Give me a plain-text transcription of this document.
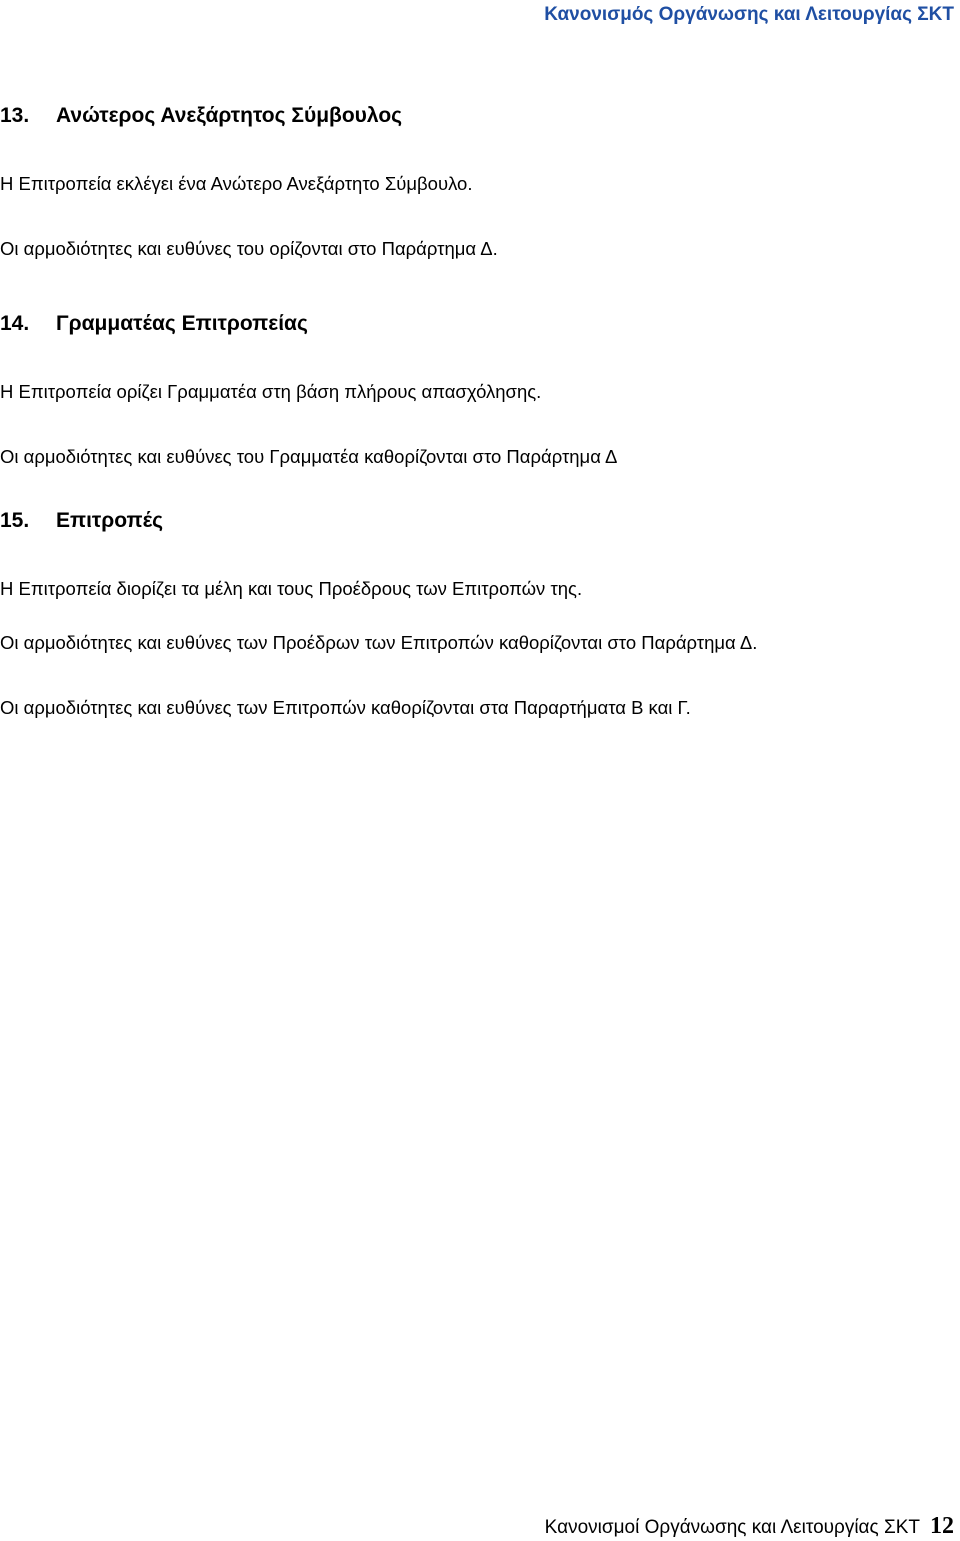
Κανονισμός Οργάνωσης και Λειτουργίας ΣΚΤ
13. Ανώτερος Ανεξάρτητος Σύμβουλος
Η Επιτροπεία εκλέγει ένα Ανώτερο Ανεξάρτητο Σύμβουλο.
Οι αρμοδιότητες και ευθύνες του ορίζονται στο Παράρτημα Δ.
14. Γραμματέας Επιτροπείας
Η Επιτροπεία ορίζει Γραμματέα στη βάση πλήρους απασχόλησης.
Οι αρμοδιότητες και ευθύνες του Γραμματέα καθορίζονται στο Παράρτημα Δ
15. Επιτροπές
Η Επιτροπεία διορίζει τα μέλη και τους Προέδρους των Επιτροπών της.
Οι αρμοδιότητες και ευθύνες των Προέδρων των Επιτροπών καθορίζονται στο Παράρτημα Δ.
Οι αρμοδιότητες και ευθύνες των Επιτροπών καθορίζονται στα Παραρτήματα Β και Γ.
Κανονισμοί Οργάνωσης και Λειτουργίας ΣΚΤ 12
